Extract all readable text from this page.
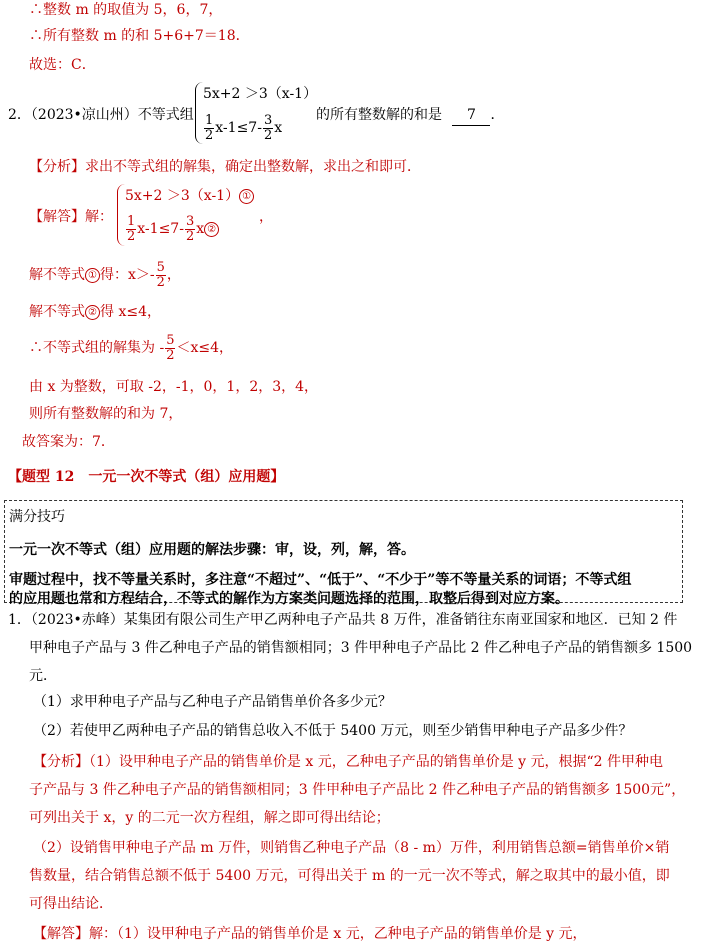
∴整数 m 的取值为 5，6，7，
∴所有整数 m 的和 5+6+7＝18．
故选：C．
2．（2023•凉山州）不等式组
5x+2 ＞3（x-1）
$\frac{1}{2} x-1\le 7- \frac{3}{2}$ x
的所有整数解的和是 7 ．
【分析】求出不等式组的解集，确定出整数解，求出之和即可．
【解答】解：
5x+2 ＞3（x-1） ①
$\frac{1}{2} x-1\le 7- \frac{3}{2}$ x ②
，
解不等式 ① 得：$x>- \frac{5}{2}$ ，
解不等式 ② 得 x≤4，
∴不等式组的解集为 - $\frac{5}{2} <x\le 4$，
由 x 为整数，可取 -2，-1，0，1，2，3，4，
则所有整数解的和为 7，
故答案为：7．
【题型 12　一元一次不等式（组）应用题】
满分技巧
一元一次不等式（组）应用题的解法步骤：审，设，列，解，答。
审题过程中，找不等量关系时，多注意“不超过”、“低于”、“不少于”等不等量关系的词语；不等式组
的应用题也常和方程结合，不等式的解作为方案类问题选择的范围，取整后得到对应方案。
1．（2023•赤峰）某集团有限公司生产甲乙两种电子产品共 8 万件，准备销往东南亚国家和地区．已知 2 件
甲种电子产品与 3 件乙种电子产品的销售额相同；3 件甲种电子产品比 2 件乙种电子产品的销售额多 1500
元．
（1）求甲种电子产品与乙种电子产品销售单价各多少元？
（2）若使甲乙两种电子产品的销售总收入不低于 5400 万元，则至少销售甲种电子产品多少件？
【分析】（1）设甲种电子产品的销售单价是 x 元，乙种电子产品的销售单价是 y 元，根据“2 件甲种电
子产品与 3 件乙种电子产品的销售额相同；3 件甲种电子产品比 2 件乙种电子产品的销售额多 1500元”，
可列出关于 x，y 的二元一次方程组，解之即可得出结论；
（2）设销售甲种电子产品 m 万件，则销售乙种电子产品（8 - m）万件，利用销售总额=销售单价×销
售数量，结合销售总额不低于 5400 万元，可得出关于 m 的一元一次不等式，解之取其中的最小值，即
可得出结论．
【解答】解：（1）设甲种电子产品的销售单价是 x 元，乙种电子产品的销售单价是 y 元，
